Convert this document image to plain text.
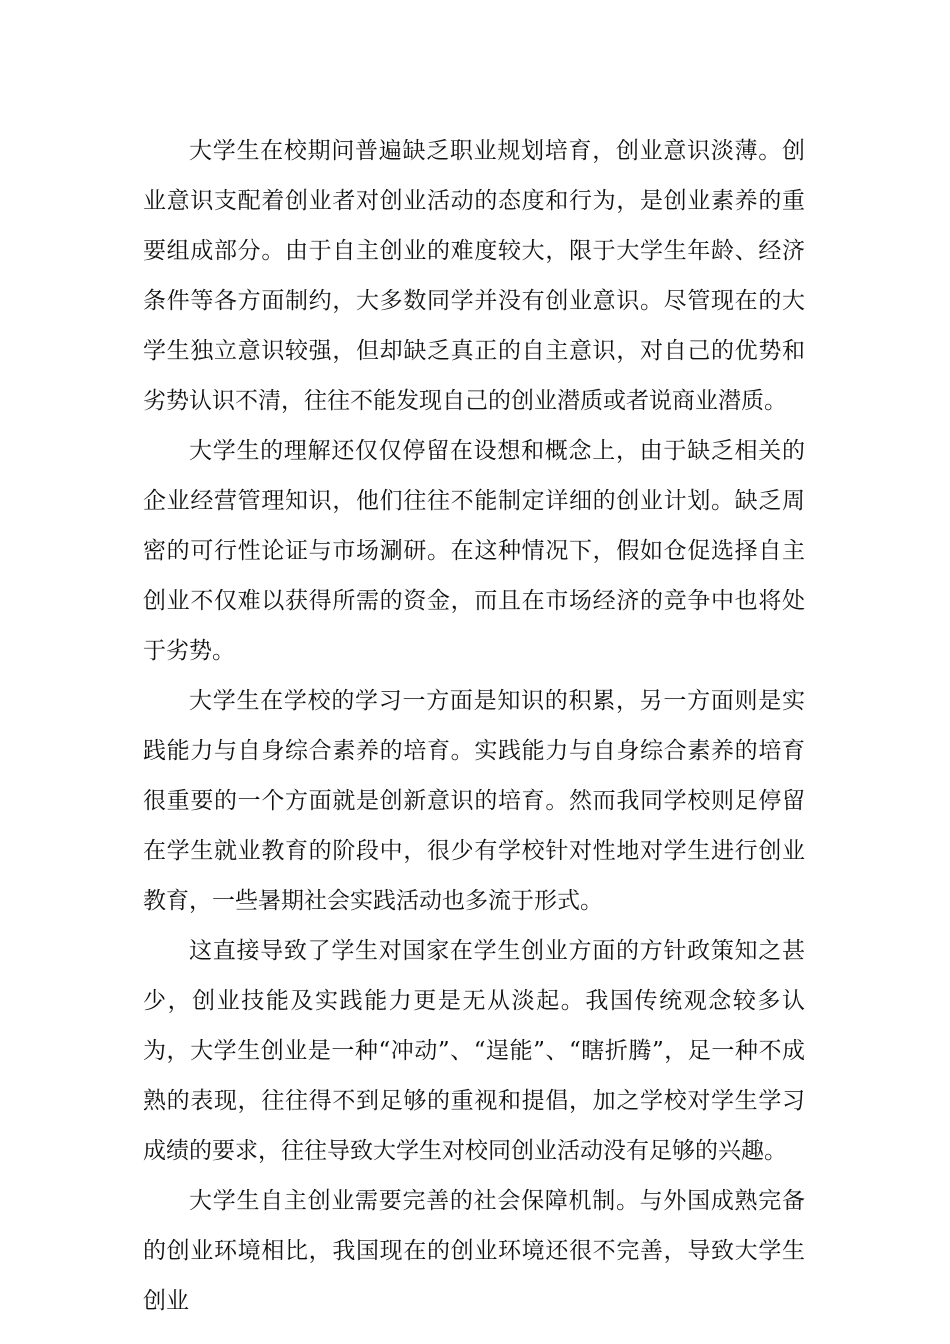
大学生在校期问普遍缺乏职业规划培育，创业意识淡薄。创业意识支配着创业者对创业活动的态度和行为，是创业素养的重要组成部分。由于自主创业的难度较大，限于大学生年龄、经济条件等各方面制约，大多数同学并没有创业意识。尽管现在的大学生独立意识较强，但却缺乏真正的自主意识，对自己的优势和劣势认识不清，往往不能发现自己的创业潜质或者说商业潜质。

大学生的理解还仅仅停留在设想和概念上，由于缺乏相关的企业经营管理知识，他们往往不能制定详细的创业计划。缺乏周密的可行性论证与市场涮研。在这种情况下，假如仓促选择自主创业不仅难以获得所需的资金，而且在市场经济的竞争中也将处于劣势。

大学生在学校的学习一方面是知识的积累，另一方面则是实践能力与自身综合素养的培育。实践能力与自身综合素养的培育很重要的一个方面就是创新意识的培育。然而我同学校则足停留在学生就业教育的阶段中，很少有学校针对性地对学生进行创业教育，一些暑期社会实践活动也多流于形式。

这直接导致了学生对国家在学生创业方面的方针政策知之甚少，创业技能及实践能力更是无从淡起。我国传统观念较多认为，大学生创业是一种“冲动”、“逞能”、“瞎折腾”，足一种不成熟的表现，往往得不到足够的重视和提倡，加之学校对学生学习成绩的要求，往往导致大学生对校同创业活动没有足够的兴趣。

大学生自主创业需要完善的社会保障机制。与外国成熟完备的创业环境相比，我国现在的创业环境还很不完善，导致大学生创业
